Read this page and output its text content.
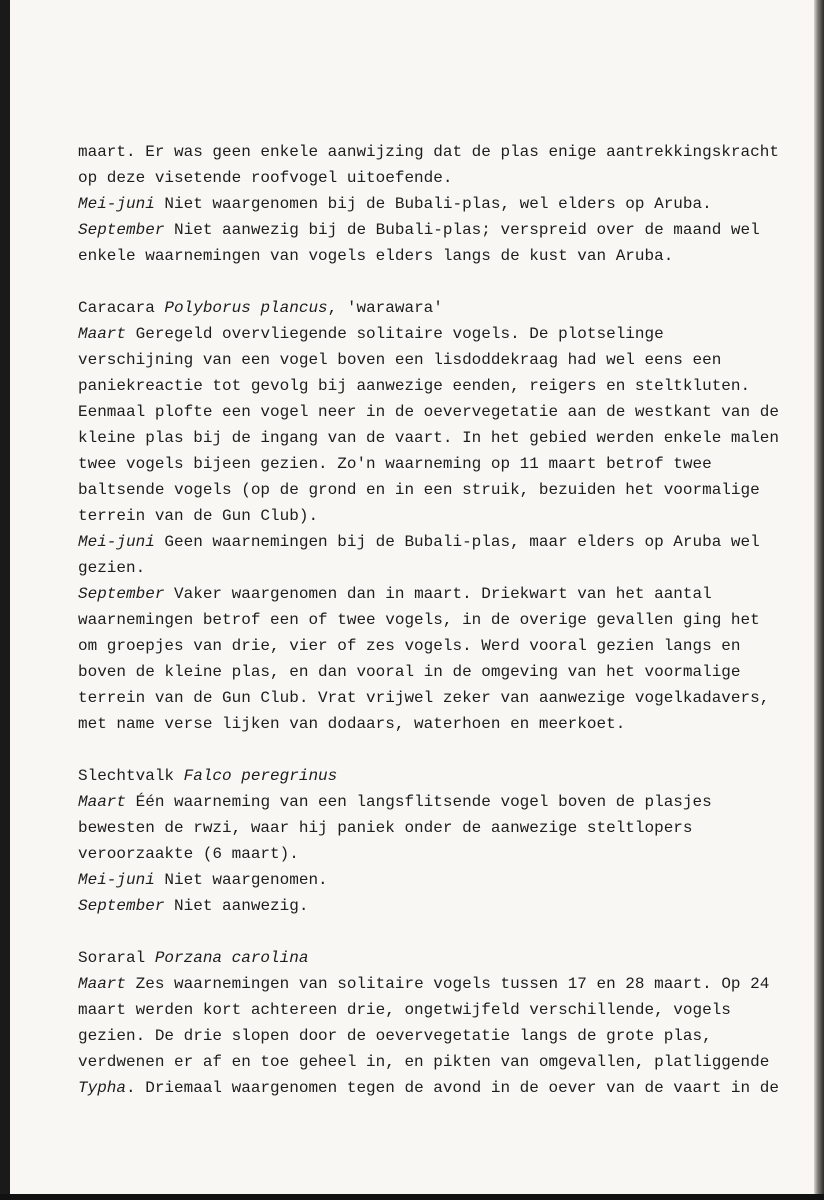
maart. Er was geen enkele aanwijzing dat de plas enige aantrekkingskracht
op deze visetende roofvogel uitoefende.
Mei-juni Niet waargenomen bij de Bubali-plas, wel elders op Aruba.
September Niet aanwezig bij de Bubali-plas; verspreid over de maand wel
enkele waarnemingen van vogels elders langs de kust van Aruba.
Caracara Polyborus plancus, 'warawara'
Maart Geregeld overvliegende solitaire vogels. De plotselinge
verschijning van een vogel boven een lisdoddekraag had wel eens een
paniekreactie tot gevolg bij aanwezige eenden, reigers en steltkluten.
Eenmaal plofte een vogel neer in de oevervegetatie aan de westkant van de
kleine plas bij de ingang van de vaart. In het gebied werden enkele malen
twee vogels bijeen gezien. Zo'n waarneming op 11 maart betrof twee
baltsende vogels (op de grond en in een struik, bezuiden het voormalige
terrein van de Gun Club).
Mei-juni Geen waarnemingen bij de Bubali-plas, maar elders op Aruba wel
gezien.
September Vaker waargenomen dan in maart. Driekwart van het aantal
waarnemingen betrof een of twee vogels, in de overige gevallen ging het
om groepjes van drie, vier of zes vogels. Werd vooral gezien langs en
boven de kleine plas, en dan vooral in de omgeving van het voormalige
terrein van de Gun Club. Vrat vrijwel zeker van aanwezige vogelkadavers,
met name verse lijken van dodaars, waterhoen en meerkoet.
Slechtvalk Falco peregrinus
Maart Één waarneming van een langsflitsende vogel boven de plasjes
bewesten de rwzi, waar hij paniek onder de aanwezige steltlopers
veroorzaakte (6 maart).
Mei-juni Niet waargenomen.
September Niet aanwezig.
Soraral Porzana carolina
Maart Zes waarnemingen van solitaire vogels tussen 17 en 28 maart. Op 24
maart werden kort achtereen drie, ongetwijfeld verschillende, vogels
gezien. De drie slopen door de oevervegetatie langs de grote plas,
verdwenen er af en toe geheel in, en pikten van omgevallen, platliggende
Typha. Driemaal waargenomen tegen de avond in de oever van de vaart in de
